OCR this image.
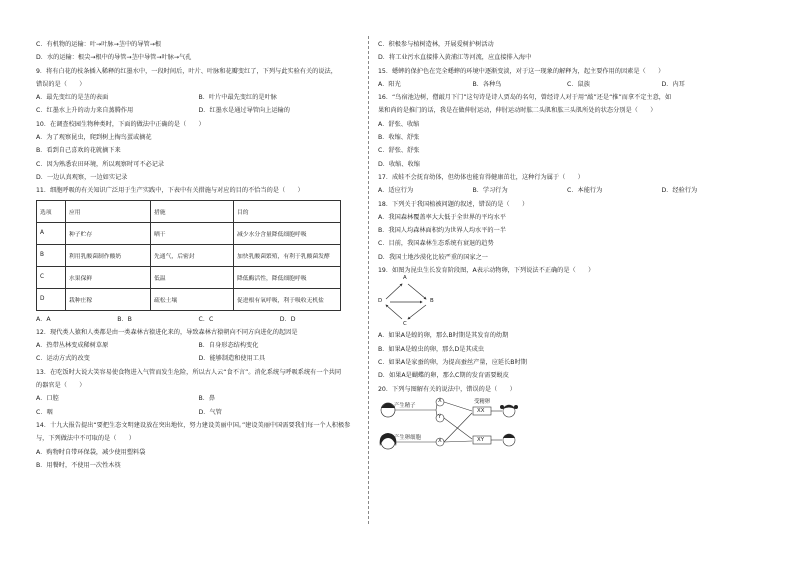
C．有机物的运输：叶→叶脉→茎中的导管→根
D．水的运输：根尖→根中的导管→茎中导管→叶脉→气孔
9．将有白花的枝条插入稀释的红墨水中，一段时间后，叶片、叶脉和花瓣变红了，下列与此实验有关的说法，
错误的是（　　）
A．最先变红的是茎的表面	B．叶片中最先变红的是叶脉
C．红墨水上升的动力来自蒸腾作用	D．红墨水是通过导管向上运输的
10．在调查校园生物种类时，下面的做法中正确的是（　　）
A．为了观察昆虫，爬到树上掏鸟蛋或摘花
B．看到自己喜欢的花就摘下来
C．因为熟悉农田环境，所以观察时可不必记录
D．一边认真观察，一边如实记录
11．细胞呼吸的有关知识广泛用于生产实践中，下表中有关措施与对应的目的不恰当的是（　　）
选项	应用	措施	目的
A	种子贮存	晒干	减少水分含量降低细胞呼吸
B	利用乳酸菌制作酸奶	先通气，后密封	加快乳酸菌繁殖，有利于乳酸菌发酵
C	水果保鲜	低温	降低酶活性，降低细胞呼吸
D	栽种庄稼	疏松土壤	促进根有氧呼吸，利于吸收无机盐
A．A	B．B	C．C	D．D
12．现代类人猿和人类都是由一类森林古猿进化来的，导致森林古猿朝向不同方向进化的起因是
A．热带丛林变成稀树草原	B．自身形态结构变化
C．运动方式的改变	D．能够制造和使用工具
13．在吃饭时大说大笑容易使食物进入气管而发生危险，所以古人云“食不言”。消化系统与呼吸系统有一个共同
的器官是（　　）
A．口腔	B．鼻
C．咽	D．气管
14．十九大报告提出“要把生态文明建设放在突出地位，努力建设美丽中国。”建设美丽中国需要我们每一个人积极参
与，下列做法中不可取的是（　　）
A．购物时自带环保袋，减少使用塑料袋
B．用餐时，不使用一次性木筷
C．积极参与植树造林，开展爱树护树活动
D．将工业污水直接排入黄浦江等河流，应直接排入海中
15．蟋蟀的保护色在完全蟋蟀的环境中逐渐变淡，对于这一现象的解释为，起主要作用的因素是（　　）
A．阳光	B．各种鸟	C．鼠族	D．内耳
16．“鸟宿池边树，僧敲月下门”这句诗是诗人贾岛的名句，曾经诗人对于用“敲”还是“推”而拿不定主意，如
果和尚的是推门的话，我是在做伸肘运动，伸肘运动时肱二头肌和肱三头肌所处的状态分别是（　　）
A．舒张、收缩
B．收缩、舒张
C．舒张、舒张
D．收缩、收缩
17．成蛙不会抚育幼体，但幼体也能育得健康茁壮，这种行为属于（　　）
A．适应行为	B．学习行为	C．本能行为	D．经验行为
18．下列关于我国植被问题的叙述，错误的是（　　）
A．我国森林覆盖率大大低于全世界的平均水平
B．我国人均森林面积约为世界人均水平的一半
C．目前，我国森林生态系统有衰退的趋势
D．我国土地沙漠化比较严重的国家之一
19．如图为昆虫生长发育阶段图，A表示动物卵，下列说法不正确的是（　　）
A
B
C
D
A．如果A是蝗的卵，那么B时期是其发育的幼期
B．如果A是蝗虫的卵，那么D是其成虫
C．如果A是家蚕的卵，为提高蚕丝产量，应延长B时期
D．如果A是蝴蝶的卵，那么C期的发育需要蜕皮
20．下列与图解有关的说法中，错误的是（　　）
产生精子
产生卵细胞
受精卵
X
Y
X
XX
XY
